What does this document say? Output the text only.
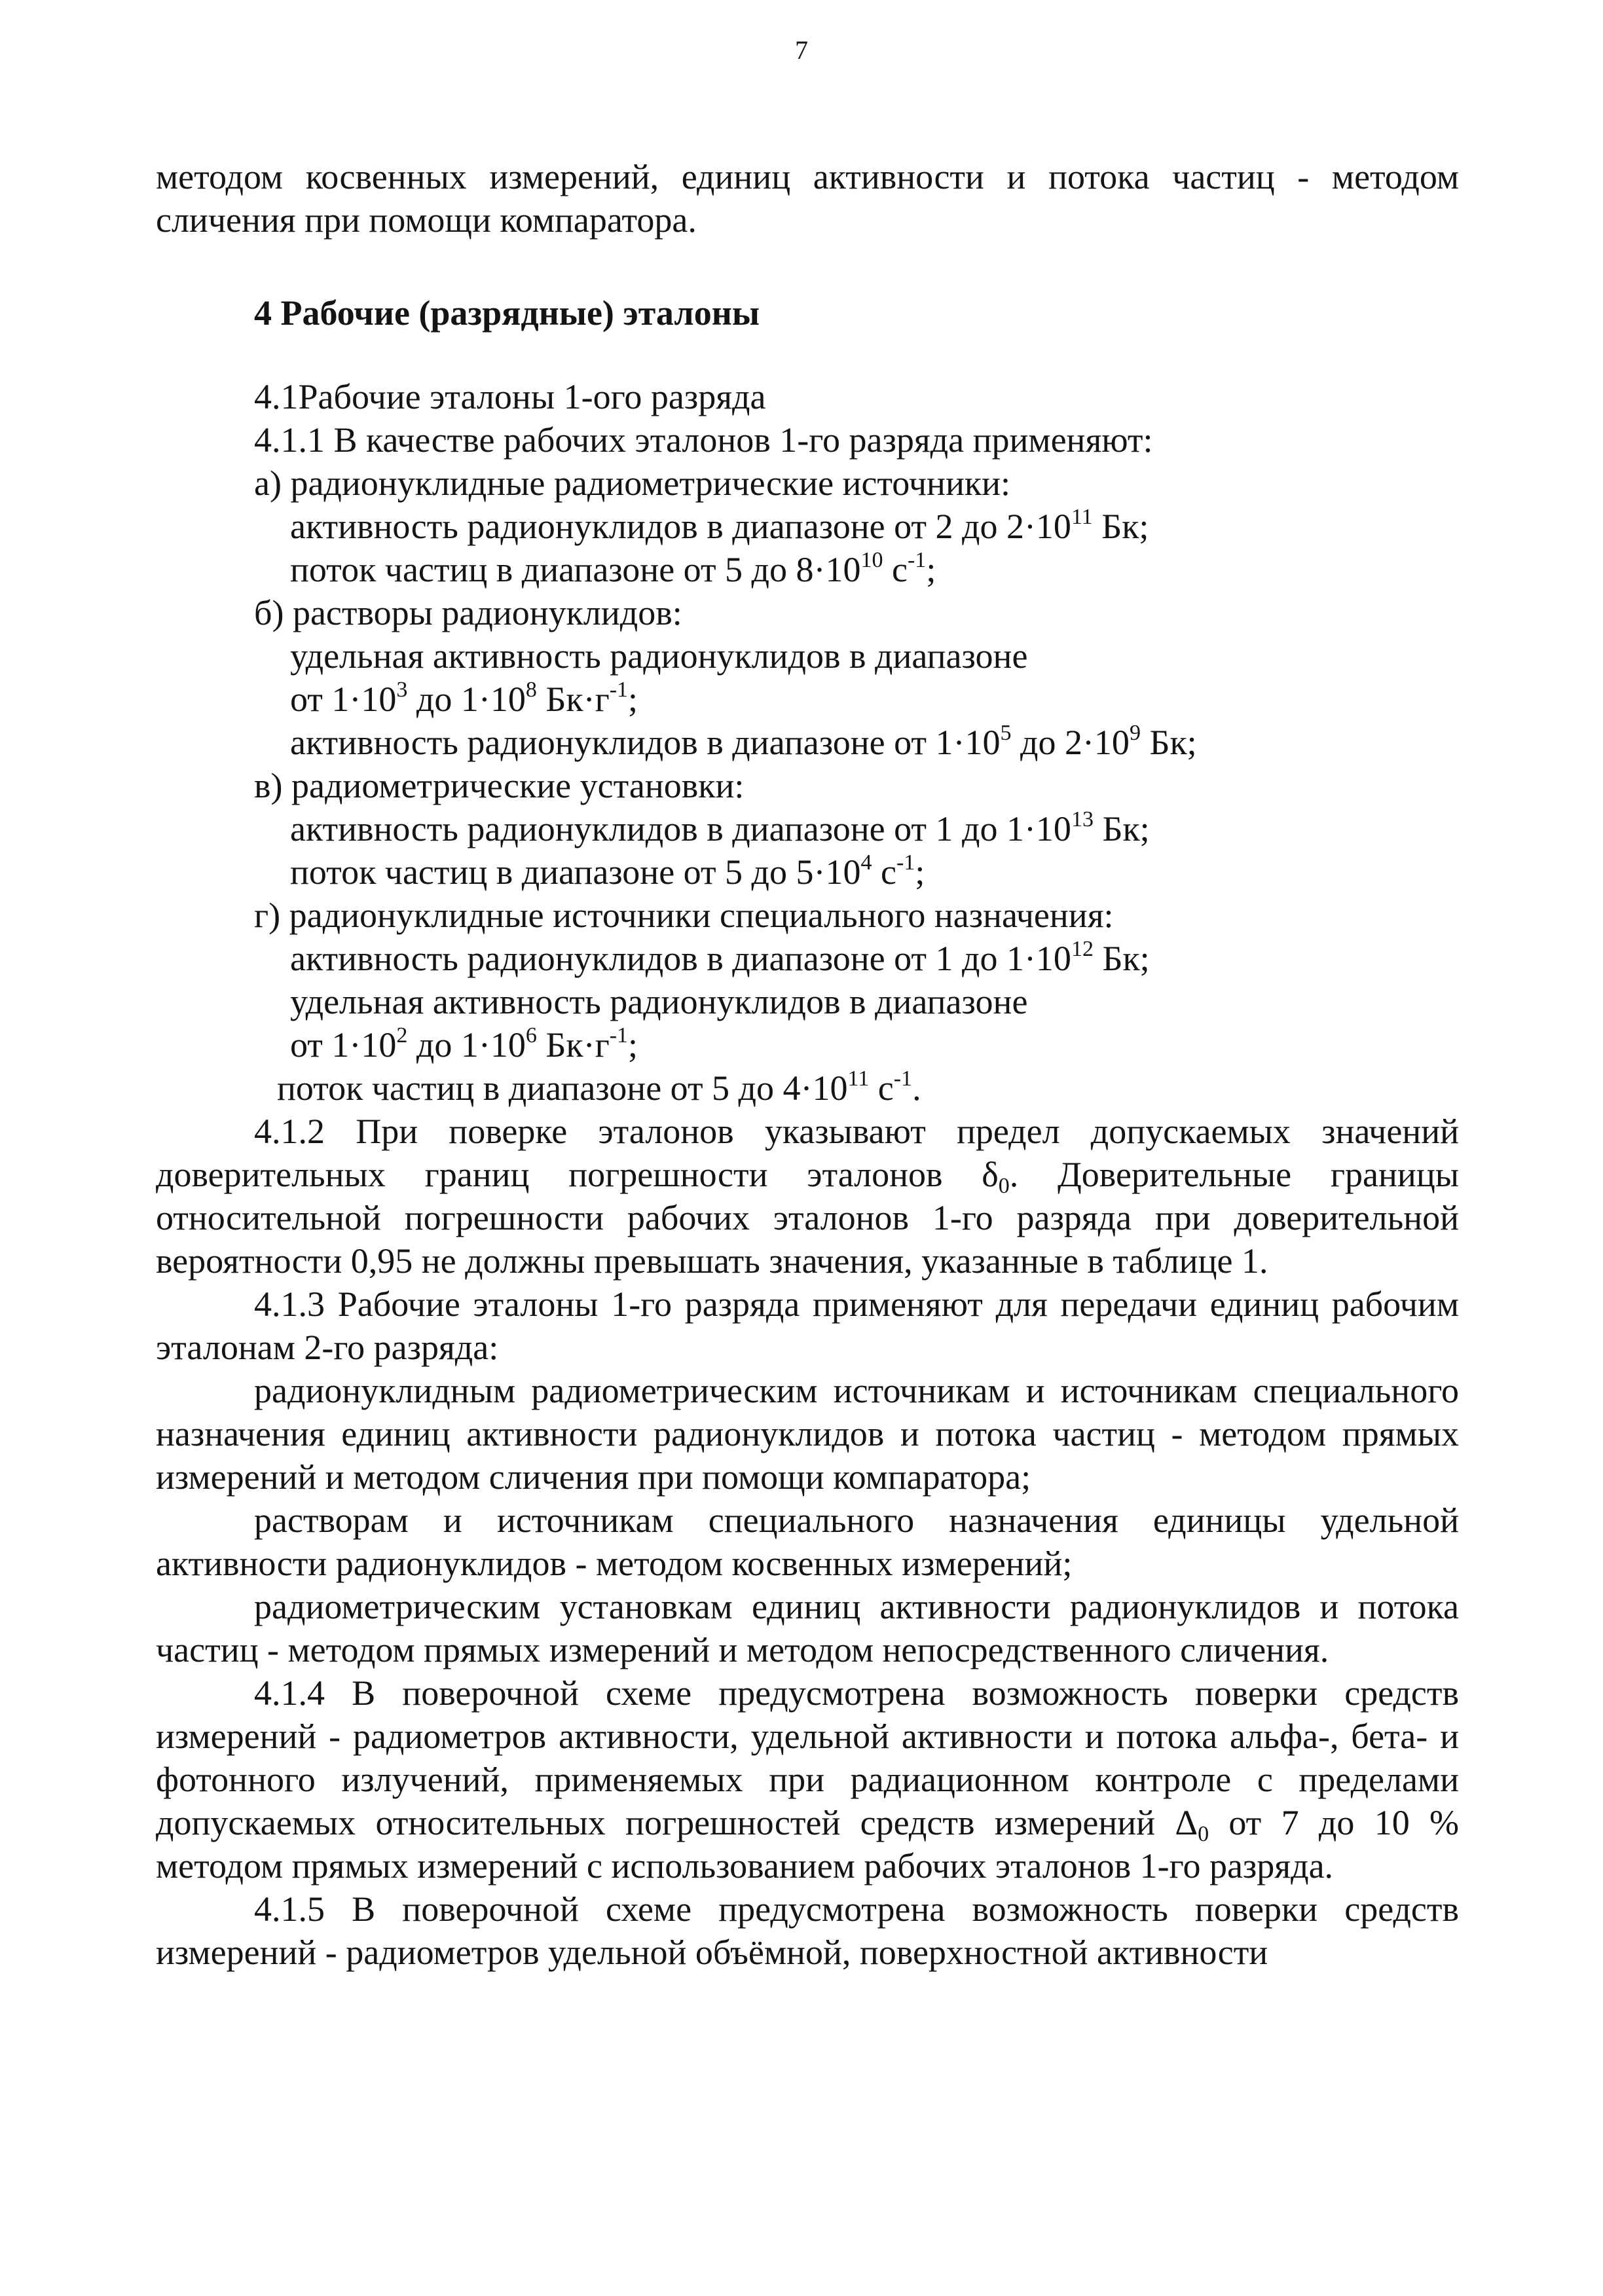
7

методом косвенных измерений, единиц активности и потока частиц - методом сличения при помощи компаратора.

4 Рабочие (разрядные) эталоны
4.1Рабочие эталоны 1-ого разряда
4.1.1 В качестве рабочих эталонов 1-го разряда применяют:
а) радионуклидные радиометрические источники:
активность радионуклидов в диапазоне от 2 до $2\cdot 10^{11}$ Бк;
поток частиц в диапазоне от 5 до $8\cdot 10^{10}$ $с^{-1}$;
б) растворы радионуклидов:
удельная активность радионуклидов в диапазоне
от $1\cdot 10^3$ до $1\cdot 10^8$ $Бк\cdot г^{-1}$;
активность радионуклидов в диапазоне от $1\cdot 10^5$ до $2\cdot 10^9$ Бк;
в) радиометрические установки:
активность радионуклидов в диапазоне от 1 до $1\cdot 10^{13}$ Бк;
поток частиц в диапазоне от 5 до $5\cdot 10^4$ $с^{-1}$;
г) радионуклидные источники специального назначения:
активность радионуклидов в диапазоне от 1 до $1\cdot 10^{12}$ Бк;
удельная активность радионуклидов в диапазоне
от $1\cdot 10^2$ до $1\cdot 10^6$ $Бк\cdot г^{-1}$;
поток частиц в диапазоне от 5 до $4\cdot 10^{11}$ $с^{-1}$.

4.1.2 При поверке эталонов указывают предел допускаемых значений доверительных границ погрешности эталонов $\delta_0$. Доверительные границы относительной погрешности рабочих эталонов 1-го разряда при доверительной вероятности 0,95 не должны превышать значения, указанные в таблице 1.

4.1.3 Рабочие эталоны 1-го разряда применяют для передачи единиц рабочим эталонам 2-го разряда:

радионуклидным радиометрическим источникам и источникам специального назначения единиц активности радионуклидов и потока частиц - методом прямых измерений и методом сличения при помощи компаратора;

растворам и источникам специального назначения единицы удельной активности радионуклидов - методом косвенных измерений;

радиометрическим установкам единиц активности радионуклидов и потока частиц - методом прямых измерений и методом непосредственного сличения.

4.1.4 В поверочной схеме предусмотрена возможность поверки средств измерений - радиометров активности, удельной активности и потока альфа-, бета- и фотонного излучений, применяемых при радиационном контроле с пределами допускаемых относительных погрешностей средств измерений $\Delta_0$ от 7 до 10 % методом прямых измерений с использованием рабочих эталонов 1-го разряда.

4.1.5 В поверочной схеме предусмотрена возможность поверки средств измерений - радиометров удельной объёмной, поверхностной активности
